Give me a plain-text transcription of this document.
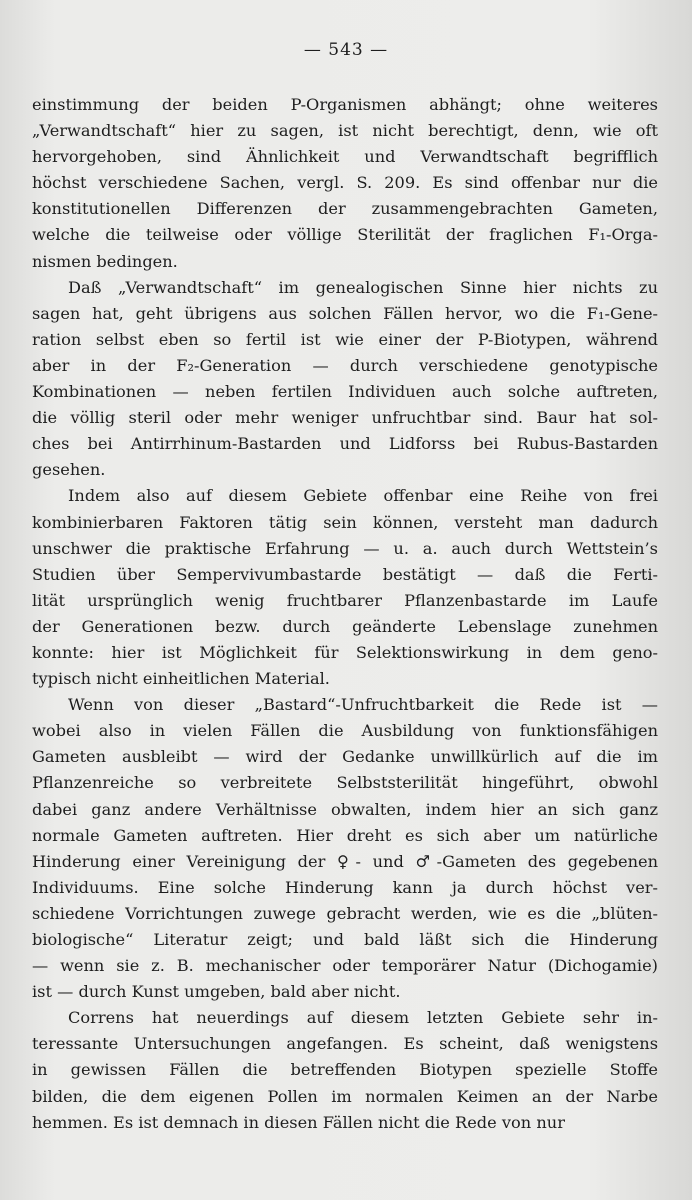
— 543 —
einstimmung der beiden P-Organismen abhängt; ohne weiteres
„Verwandtschaft“ hier zu sagen, ist nicht berechtigt, denn, wie oft
hervorgehoben, sind Ähnlichkeit und Verwandtschaft begrifflich
höchst verschiedene Sachen, vergl. S. 209. Es sind offenbar nur die
konstitutionellen Differenzen der zusammengebrachten Gameten,
welche die teilweise oder völlige Sterilität der fraglichen F₁-Orga-
nismen bedingen.
Daß „Verwandtschaft“ im genealogischen Sinne hier nichts zu
sagen hat, geht übrigens aus solchen Fällen hervor, wo die F₁-Gene-
ration selbst eben so fertil ist wie einer der P-Biotypen, während
aber in der F₂-Generation — durch verschiedene genotypische
Kombinationen — neben fertilen Individuen auch solche auftreten,
die völlig steril oder mehr weniger unfruchtbar sind. Baur hat sol-
ches bei Antirrhinum-Bastarden und Lidforss bei Rubus-Bastarden
gesehen.
Indem also auf diesem Gebiete offenbar eine Reihe von frei
kombinierbaren Faktoren tätig sein können, versteht man dadurch
unschwer die praktische Erfahrung — u. a. auch durch Wettstein’s
Studien über Sempervivumbastarde bestätigt — daß die Ferti-
lität ursprünglich wenig fruchtbarer Pflanzenbastarde im Laufe
der Generationen bezw. durch geänderte Lebenslage zunehmen
konnte: hier ist Möglichkeit für Selektionswirkung in dem geno-
typisch nicht einheitlichen Material.
Wenn von dieser „Bastard“-Unfruchtbarkeit die Rede ist —
wobei also in vielen Fällen die Ausbildung von funktionsfähigen
Gameten ausbleibt — wird der Gedanke unwillkürlich auf die im
Pflanzenreiche so verbreitete Selbststerilität hingeführt, obwohl
dabei ganz andere Verhältnisse obwalten, indem hier an sich ganz
normale Gameten auftreten. Hier dreht es sich aber um natürliche
Hinderung einer Vereinigung der ♀- und ♂-Gameten des gegebenen
Individuums. Eine solche Hinderung kann ja durch höchst ver-
schiedene Vorrichtungen zuwege gebracht werden, wie es die „blüten-
biologische“ Literatur zeigt; und bald läßt sich die Hinderung
— wenn sie z. B. mechanischer oder temporärer Natur (Dichogamie)
ist — durch Kunst umgeben, bald aber nicht.
Correns hat neuerdings auf diesem letzten Gebiete sehr in-
teressante Untersuchungen angefangen. Es scheint, daß wenigstens
in gewissen Fällen die betreffenden Biotypen spezielle Stoffe
bilden, die dem eigenen Pollen im normalen Keimen an der Narbe
hemmen. Es ist demnach in diesen Fällen nicht die Rede von nur
